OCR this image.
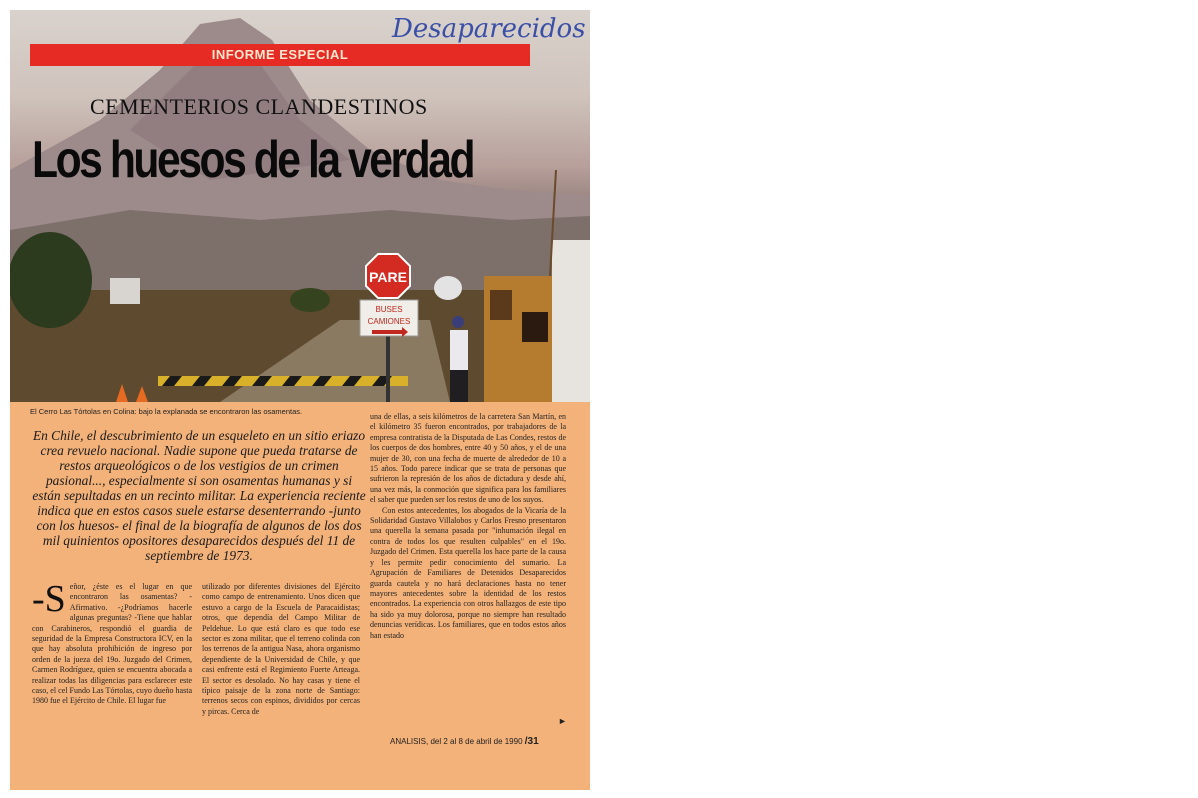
PARE
BUSES
CAMIONES
Desaparecidos
INFORME ESPECIAL
CEMENTERIOS CLANDESTINOS
Los huesos de la verdad
El Cerro Las Tórtolas en Colina: bajo la explanada se encontraron las osamentas.
En Chile, el descubrimiento de un esqueleto en un sitio eriazo crea revuelo nacional. Nadie supone que pueda tratarse de restos arqueológicos o de los vestigios de un crimen pasional..., especialmente si son osamentas humanas y si están sepultadas en un recinto militar. La experiencia reciente indica que en estos casos suele estarse desenterrando -junto con los huesos- el final de la biografía de algunos de los dos mil quinientos opositores desaparecidos después del 11 de septiembre de 1973.
-S eñor, ¿éste es el lugar en que encontraron las osamentas? -Afirmativo. -¿Podríamos hacerle algunas preguntas? -Tiene que hablar con Carabineros, respondió el guardia de seguridad de la Empresa Constructora ICV, en la que hay absoluta prohibición de ingreso por orden de la jueza del 19o. Juzgado del Crimen, Carmen Rodríguez, quien se encuentra abocada a realizar todas las diligencias para esclarecer este caso, el cel Fundo Las Tórtolas, cuyo dueño hasta 1980 fue el Ejército de Chile. El lugar fue

utilizado por diferentes divisiones del Ejército como campo de entrenamiento. Unos dicen que estuvo a cargo de la Escuela de Paracaidistas; otros, que dependía del Campo Militar de Peldehue. Lo que está claro es que todo ese sector es zona militar, que el terreno colinda con los terrenos de la antigua Nasa, ahora organismo dependiente de la Universidad de Chile, y que casi enfrente está el Regimiento Fuerte Arteaga. El sector es desolado. No hay casas y tiene el típico paisaje de la zona norte de Santiago: terrenos secos con espinos, divididos por cercas y pircas. Cerca de

una de ellas, a seis kilómetros de la carretera San Martín, en el kilómetro 35 fueron encontrados, por trabajadores de la empresa contratista de la Disputada de Las Condes, restos de los cuerpos de dos hombres, entre 40 y 50 años, y el de una mujer de 30, con una fecha de muerte de alrededor de 10 a 15 años. Todo parece indicar que se trata de personas que sufrieron la represión de los años de dictadura y desde ahí, una vez más, la conmoción que significa para los familiares el saber que pueden ser los restos de uno de los suyos.

Con estos antecedentes, los abogados de la Vicaría de la Solidaridad Gustavo Villalobos y Carlos Fresno presentaron una querella la semana pasada por "inhumación ilegal en contra de todos los que resulten culpables" en el 19o. Juzgado del Crimen. Esta querella los hace parte de la causa y les permite pedir conocimiento del sumario. La Agrupación de Familiares de Detenidos Desaparecidos guarda cautela y no hará declaraciones hasta no tener mayores antecedentes sobre la identidad de los restos encontrados. La experiencia con otros hallazgos de este tipo ha sido ya muy dolorosa, porque no siempre han resultado denuncias verídicas. Los familiares, que en todos estos años han estado

►
ANALISIS, del 2 al 8 de abril de 1990 /31
